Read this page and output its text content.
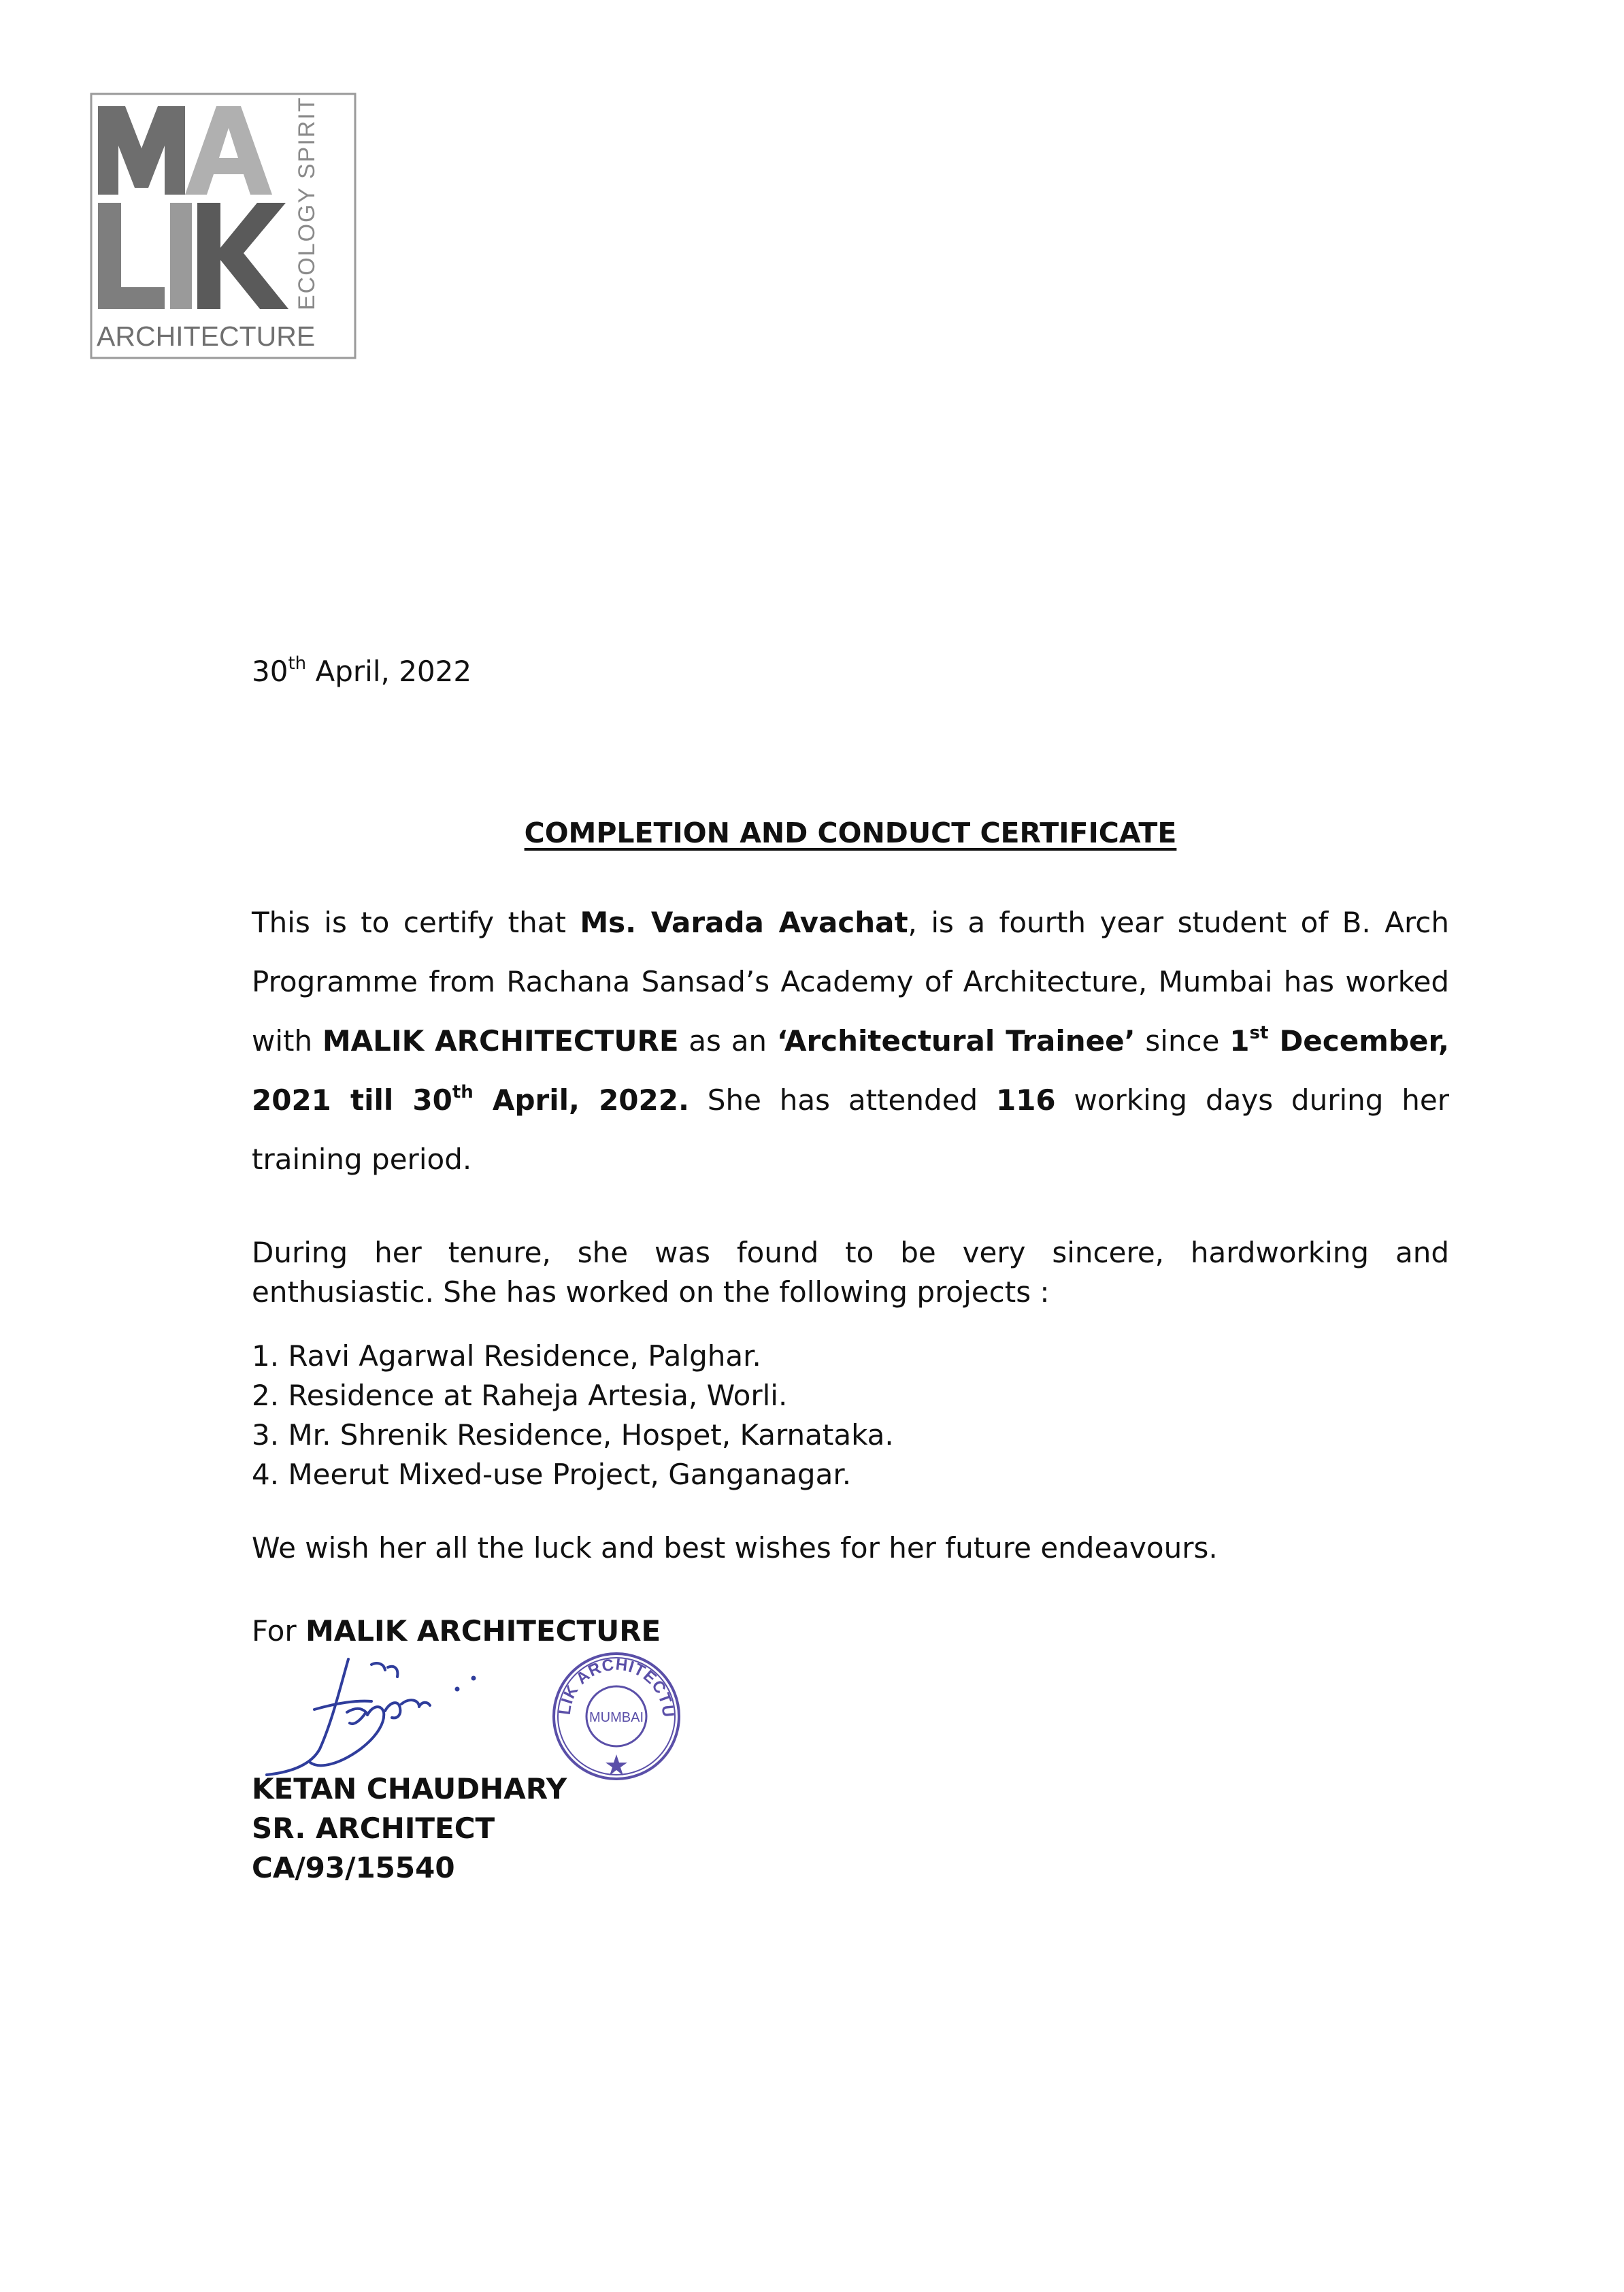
ECOLOGY SPIRIT
ARCHITECTURE
30th April, 2022
COMPLETION AND CONDUCT CERTIFICATE
This is to certify that Ms. Varada Avachat, is a fourth year student of B. Arch Programme from Rachana Sansad’s Academy of Architecture, Mumbai has worked with MALIK ARCHITECTURE as an ‘Architectural Trainee’ since 1st December, 2021 till 30th April, 2022. She has attended 116 working days during her training period.
During her tenure, she was found to be very sincere, hardworking and enthusiastic. She has worked on the following projects :
1. Ravi Agarwal Residence, Palghar.
2. Residence at Raheja Artesia, Worli.
3. Mr. Shrenik Residence, Hospet, Karnataka.
4. Meerut Mixed-use Project, Ganganagar.
We wish her all the luck and best wishes for her future endeavours.
For MALIK ARCHITECTURE
LIK ARCHITECTU
MUMBAI
KETAN CHAUDHARY
SR. ARCHITECT
CA/93/15540
